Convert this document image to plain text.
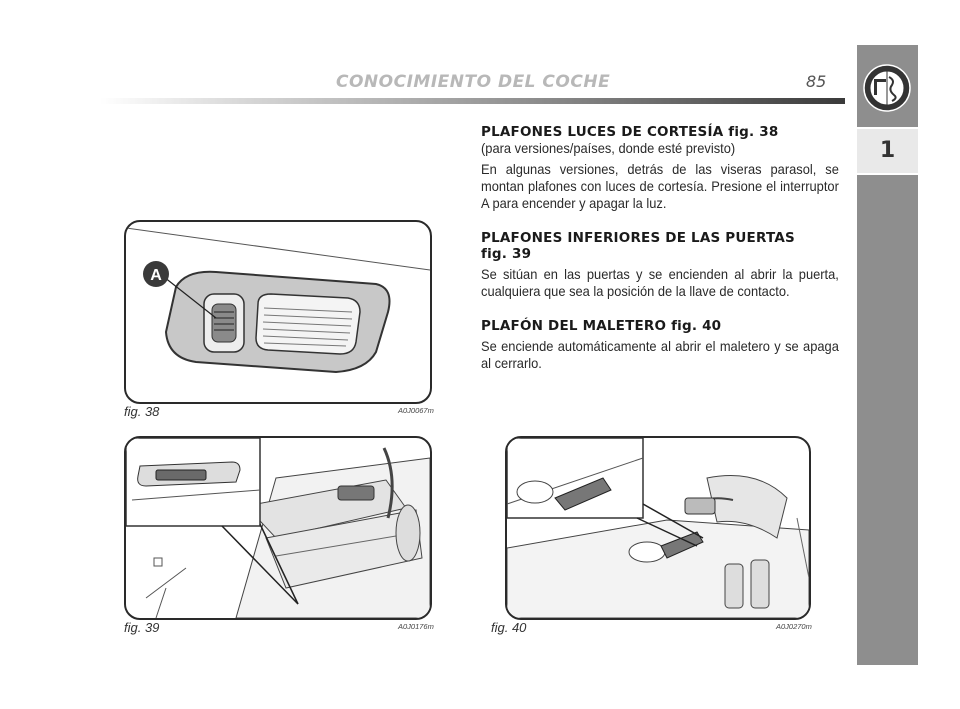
CONOCIMIENTO DEL COCHE	85
1

PLAFONES LUCES DE CORTESÍA fig. 38

(para versiones/países, donde esté previsto)

En algunas versiones, detrás de las viseras parasol, se montan plafones con luces de cortesía. Presione el interruptor A para encender y apagar la luz.

PLAFONES INFERIORES DE LAS PUERTAS

fig. 39

Se sitúan en las puertas y se encienden al abrir la puerta, cualquiera que sea la posición de la llave de contacto.

PLAFÓN DEL MALETERO fig. 40

Se enciende automáticamente al abrir el maletero y se apaga al cerrarlo.

A
fig. 38	A0J0067m
fig. 39	A0J0176m	fig. 40	A0J0270m
